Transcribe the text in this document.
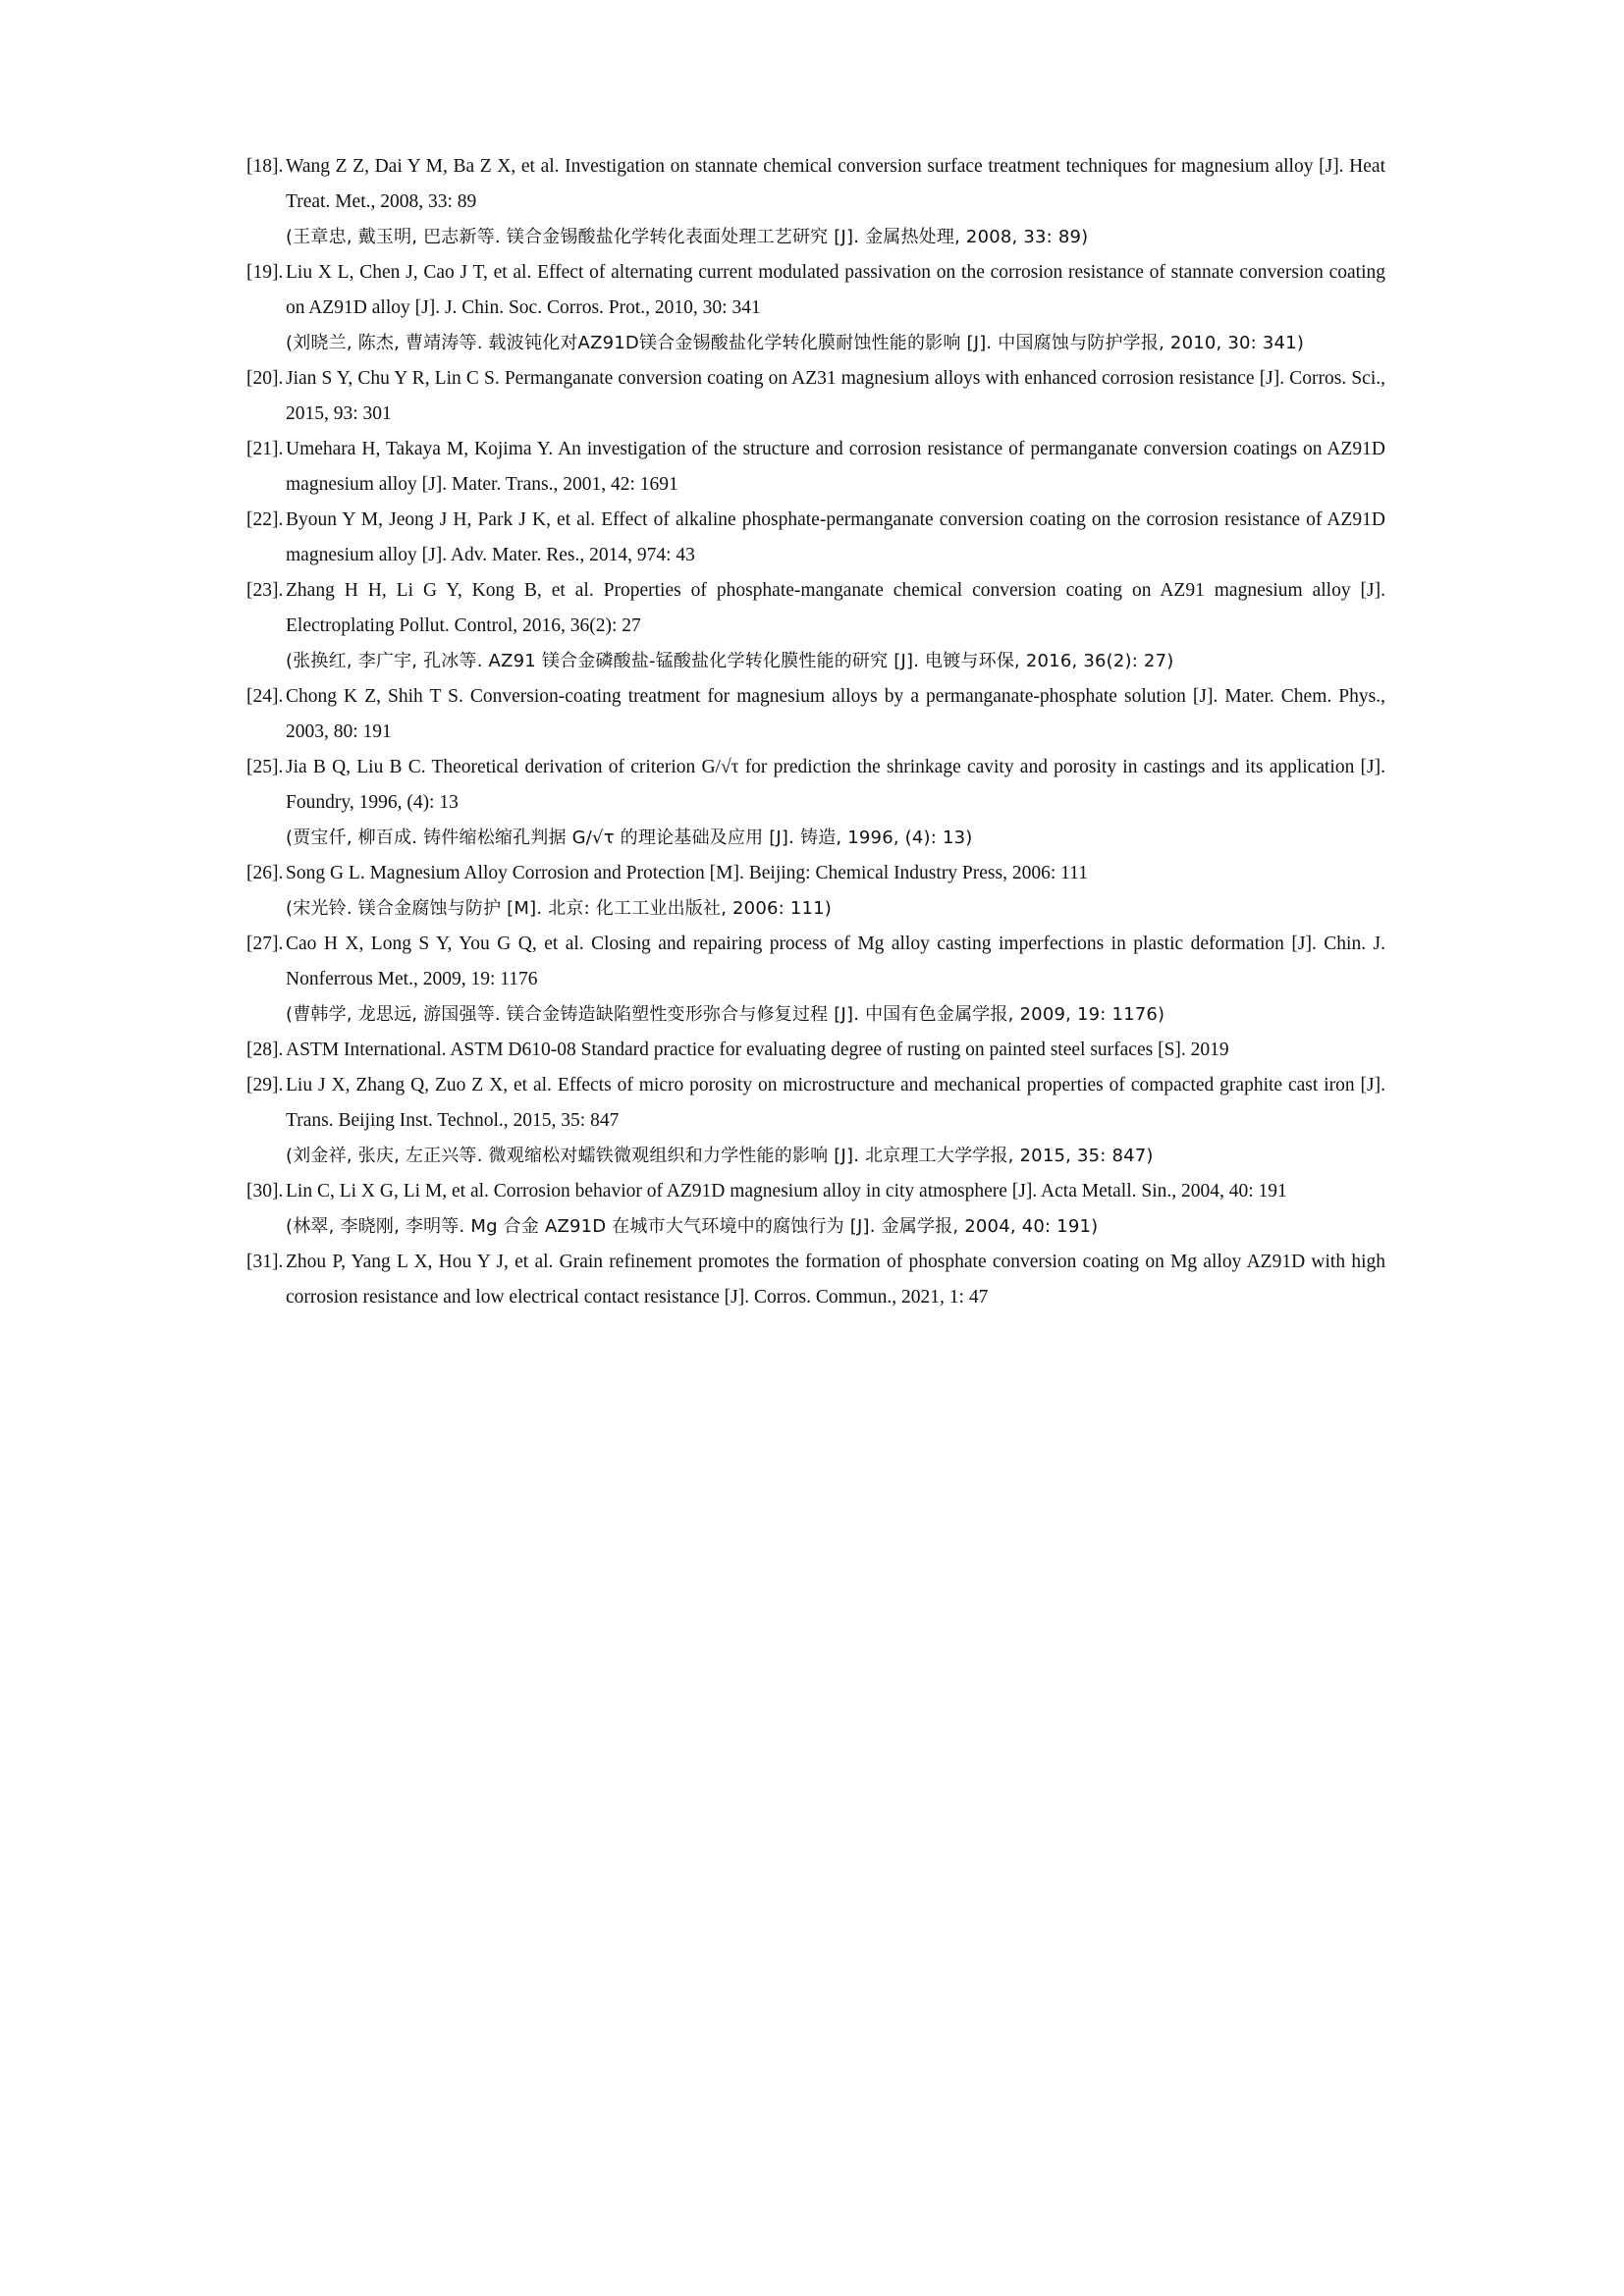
[18]. Wang Z Z, Dai Y M, Ba Z X, et al. Investigation on stannate chemical conversion surface treatment techniques for magnesium alloy [J]. Heat Treat. Met., 2008, 33: 89
(王章忠, 戴玉明, 巴志新等. 镁合金锡酸盐化学转化表面处理工艺研究 [J]. 金属热处理, 2008, 33: 89)
[19]. Liu X L, Chen J, Cao J T, et al. Effect of alternating current modulated passivation on the corrosion resistance of stannate conversion coating on AZ91D alloy [J]. J. Chin. Soc. Corros. Prot., 2010, 30: 341
(刘晓兰, 陈杰, 曹靖涛等. 载波钝化对AZ91D镁合金锡酸盐化学转化膜耐蚀性能的影响 [J]. 中国腐蚀与防护学报, 2010, 30: 341)
[20]. Jian S Y, Chu Y R, Lin C S. Permanganate conversion coating on AZ31 magnesium alloys with enhanced corrosion resistance [J]. Corros. Sci., 2015, 93: 301
[21]. Umehara H, Takaya M, Kojima Y. An investigation of the structure and corrosion resistance of permanganate conversion coatings on AZ91D magnesium alloy [J]. Mater. Trans., 2001, 42: 1691
[22]. Byoun Y M, Jeong J H, Park J K, et al. Effect of alkaline phosphate-permanganate conversion coating on the corrosion resistance of AZ91D magnesium alloy [J]. Adv. Mater. Res., 2014, 974: 43
[23]. Zhang H H, Li G Y, Kong B, et al. Properties of phosphate-manganate chemical conversion coating on AZ91 magnesium alloy [J]. Electroplating Pollut. Control, 2016, 36(2): 27
(张换红, 李广宇, 孔冰等. AZ91 镁合金磷酸盐-锰酸盐化学转化膜性能的研究 [J]. 电镀与环保, 2016, 36(2): 27)
[24]. Chong K Z, Shih T S. Conversion-coating treatment for magnesium alloys by a permanganate-phosphate solution [J]. Mater. Chem. Phys., 2003, 80: 191
[25]. Jia B Q, Liu B C. Theoretical derivation of criterion G/√τ for prediction the shrinkage cavity and porosity in castings and its application [J]. Foundry, 1996, (4): 13
(贾宝仟, 柳百成. 铸件缩松缩孔判据 G/√τ 的理论基础及应用 [J]. 铸造, 1996, (4): 13)
[26]. Song G L. Magnesium Alloy Corrosion and Protection [M]. Beijing: Chemical Industry Press, 2006: 111
(宋光铃. 镁合金腐蚀与防护 [M]. 北京: 化工工业出版社, 2006: 111)
[27]. Cao H X, Long S Y, You G Q, et al. Closing and repairing process of Mg alloy casting imperfections in plastic deformation [J]. Chin. J. Nonferrous Met., 2009, 19: 1176
(曹韩学, 龙思远, 游国强等. 镁合金铸造缺陷塑性变形弥合与修复过程 [J]. 中国有色金属学报, 2009, 19: 1176)
[28]. ASTM International. ASTM D610-08 Standard practice for evaluating degree of rusting on painted steel surfaces [S]. 2019
[29]. Liu J X, Zhang Q, Zuo Z X, et al. Effects of micro porosity on microstructure and mechanical properties of compacted graphite cast iron [J]. Trans. Beijing Inst. Technol., 2015, 35: 847
(刘金祥, 张庆, 左正兴等. 微观缩松对蠕铁微观组织和力学性能的影响 [J]. 北京理工大学学报, 2015, 35: 847)
[30]. Lin C, Li X G, Li M, et al. Corrosion behavior of AZ91D magnesium alloy in city atmosphere [J]. Acta Metall. Sin., 2004, 40: 191
(林翠, 李晓刚, 李明等. Mg 合金 AZ91D 在城市大气环境中的腐蚀行为 [J]. 金属学报, 2004, 40: 191)
[31]. Zhou P, Yang L X, Hou Y J, et al. Grain refinement promotes the formation of phosphate conversion coating on Mg alloy AZ91D with high corrosion resistance and low electrical contact resistance [J]. Corros. Commun., 2021, 1: 47
